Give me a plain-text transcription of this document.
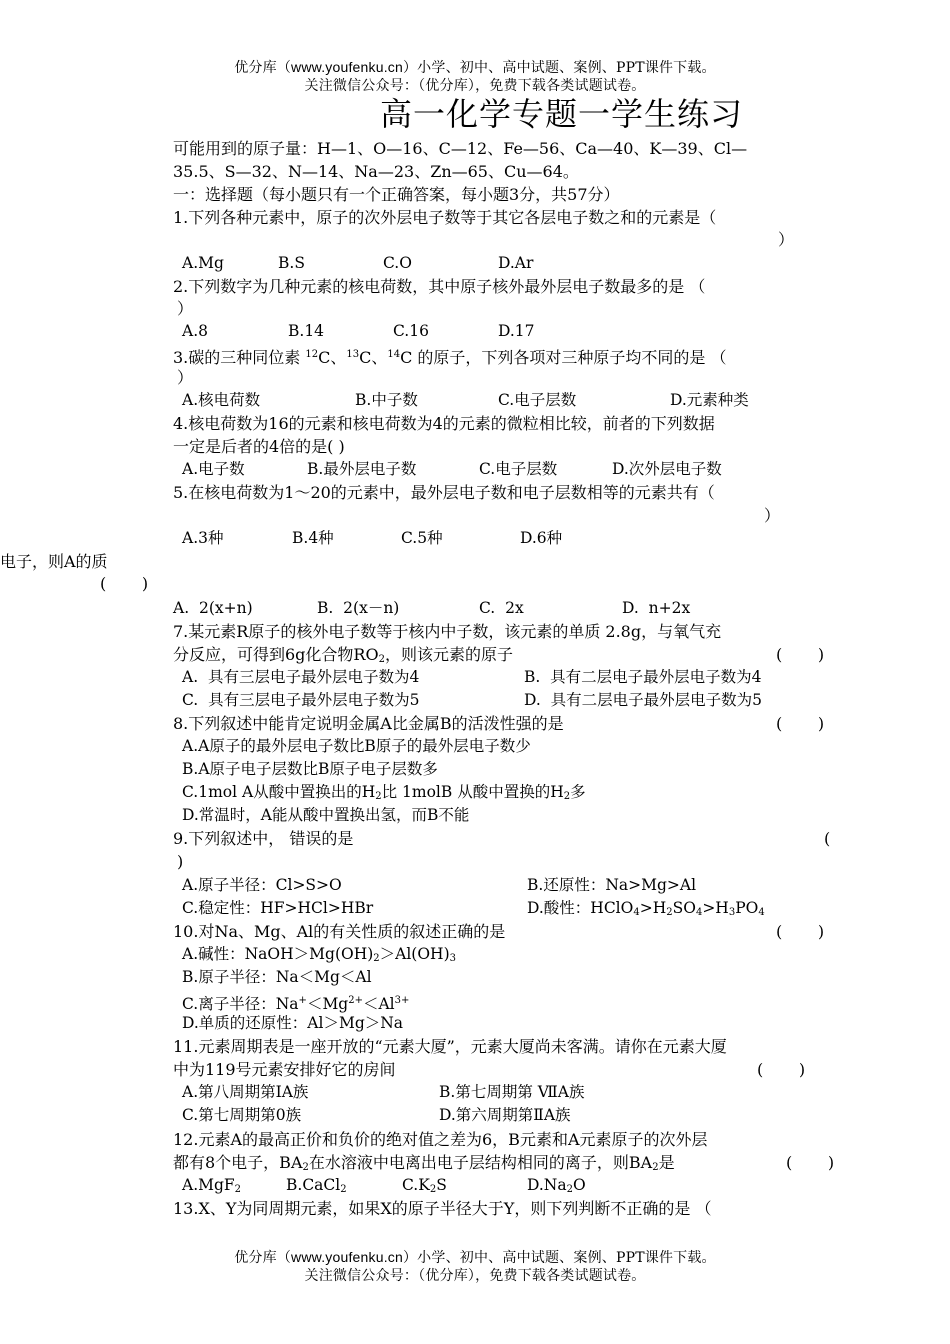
优分库（www.youfenku.cn）小学、初中、高中试题、案例、PPT课件下载。
关注微信公众号：（优分库），免费下载各类试题试卷。
高一化学专题一学生练习
可能用到的原子量：H—1、O—16、C—12、Fe—56、Ca—40、K—39、Cl—
35.5、S—32、N—14、Na—23、Zn—65、Cu—64。
一：选择题（每小题只有一个正确答案，每小题3分，共57分）
1.下列各种元素中，原子的次外层电子数等于其它各层电子数之和的元素是（
）
A.Mg	B.S	C.O	D.Ar
2.下列数字为几种元素的核电荷数，其中原子核外最外层电子数最多的是 （
）
A.8	B.14	C.16	D.17
3.碳的三种同位素 $^{12}$C、$^{13}$C、$^{14}$C 的原子，下列各项对三种原子均不同的是 （
）
A.核电荷数	B.中子数	C.电子层数	D.元素种类
4.核电荷数为16的元素和核电荷数为4的元素的微粒相比较，前者的下列数据
一定是后者的4倍的是( )
A.电子数	B.最外层电子数	C.电子层数	D.次外层电子数
5.在核电荷数为1～20的元素中，最外层电子数和电子层数相等的元素共有（
）
A.3种	B.4种	C.5种	D.6种
电子，则A的质
(       )
A.  2(x+n)	B.  2(x－n)	C.  2x	D.  n+2x
7.某元素R原子的核外电子数等于核内中子数，该元素的单质 2.8g，与氧气充
分反应，可得到6g化合物$RO_2$，则该元素的原子	(       )
A.  具有三层电子最外层电子数为4	B.  具有二层电子最外层电子数为4
C.  具有三层电子最外层电子数为5	D.  具有二层电子最外层电子数为5
8.下列叙述中能肯定说明金属A比金属B的活泼性强的是	(       )
A.A原子的最外层电子数比B原子的最外层电子数少
B.A原子电子层数比B原子电子层数多
C.1mol A从酸中置换出的$H_2$比 1molB 从酸中置换的$H_2$多
D.常温时，A能从酸中置换出氢，而B不能
9.下列叙述中， 错误的是	(
)
A.原子半径：Cl>S>O	B.还原性：Na>Mg>Al
C.稳定性：HF>HCl>HBr	D.酸性：$HClO_4>H_2SO_4>H_3PO_4$
10.对Na、Mg、Al的有关性质的叙述正确的是	(       )
A.碱性：$NaOH>Mg(OH)_2>Al(OH)_3$
B.原子半径：Na＜Mg＜Al
C.离子半径：$Na^+<Mg^{2+}<Al^{3+}$
D.单质的还原性：Al＞Mg＞Na
11.元素周期表是一座开放的“元素大厦”，元素大厦尚未客满。请你在元素大厦
中为119号元素安排好它的房间	(       )
A.第八周期第IA族	B.第七周期第 ⅦA族
C.第七周期第0族	D.第六周期第ⅡA族
12.元素A的最高正价和负价的绝对值之差为6，B元素和A元素原子的次外层
都有8个电子，$BA_2$在水溶液中电离出电子层结构相同的离子，则$BA_2$是	(       )
A.MgF$_2$	B.CaCl$_2$	$C.K_2S$	$D.Na_2O$
13.X、Y为同周期元素，如果X的原子半径大于Y，则下列判断不正确的是 （
优分库（www.youfenku.cn）小学、初中、高中试题、案例、PPT课件下载。
关注微信公众号：（优分库），免费下载各类试题试卷。
